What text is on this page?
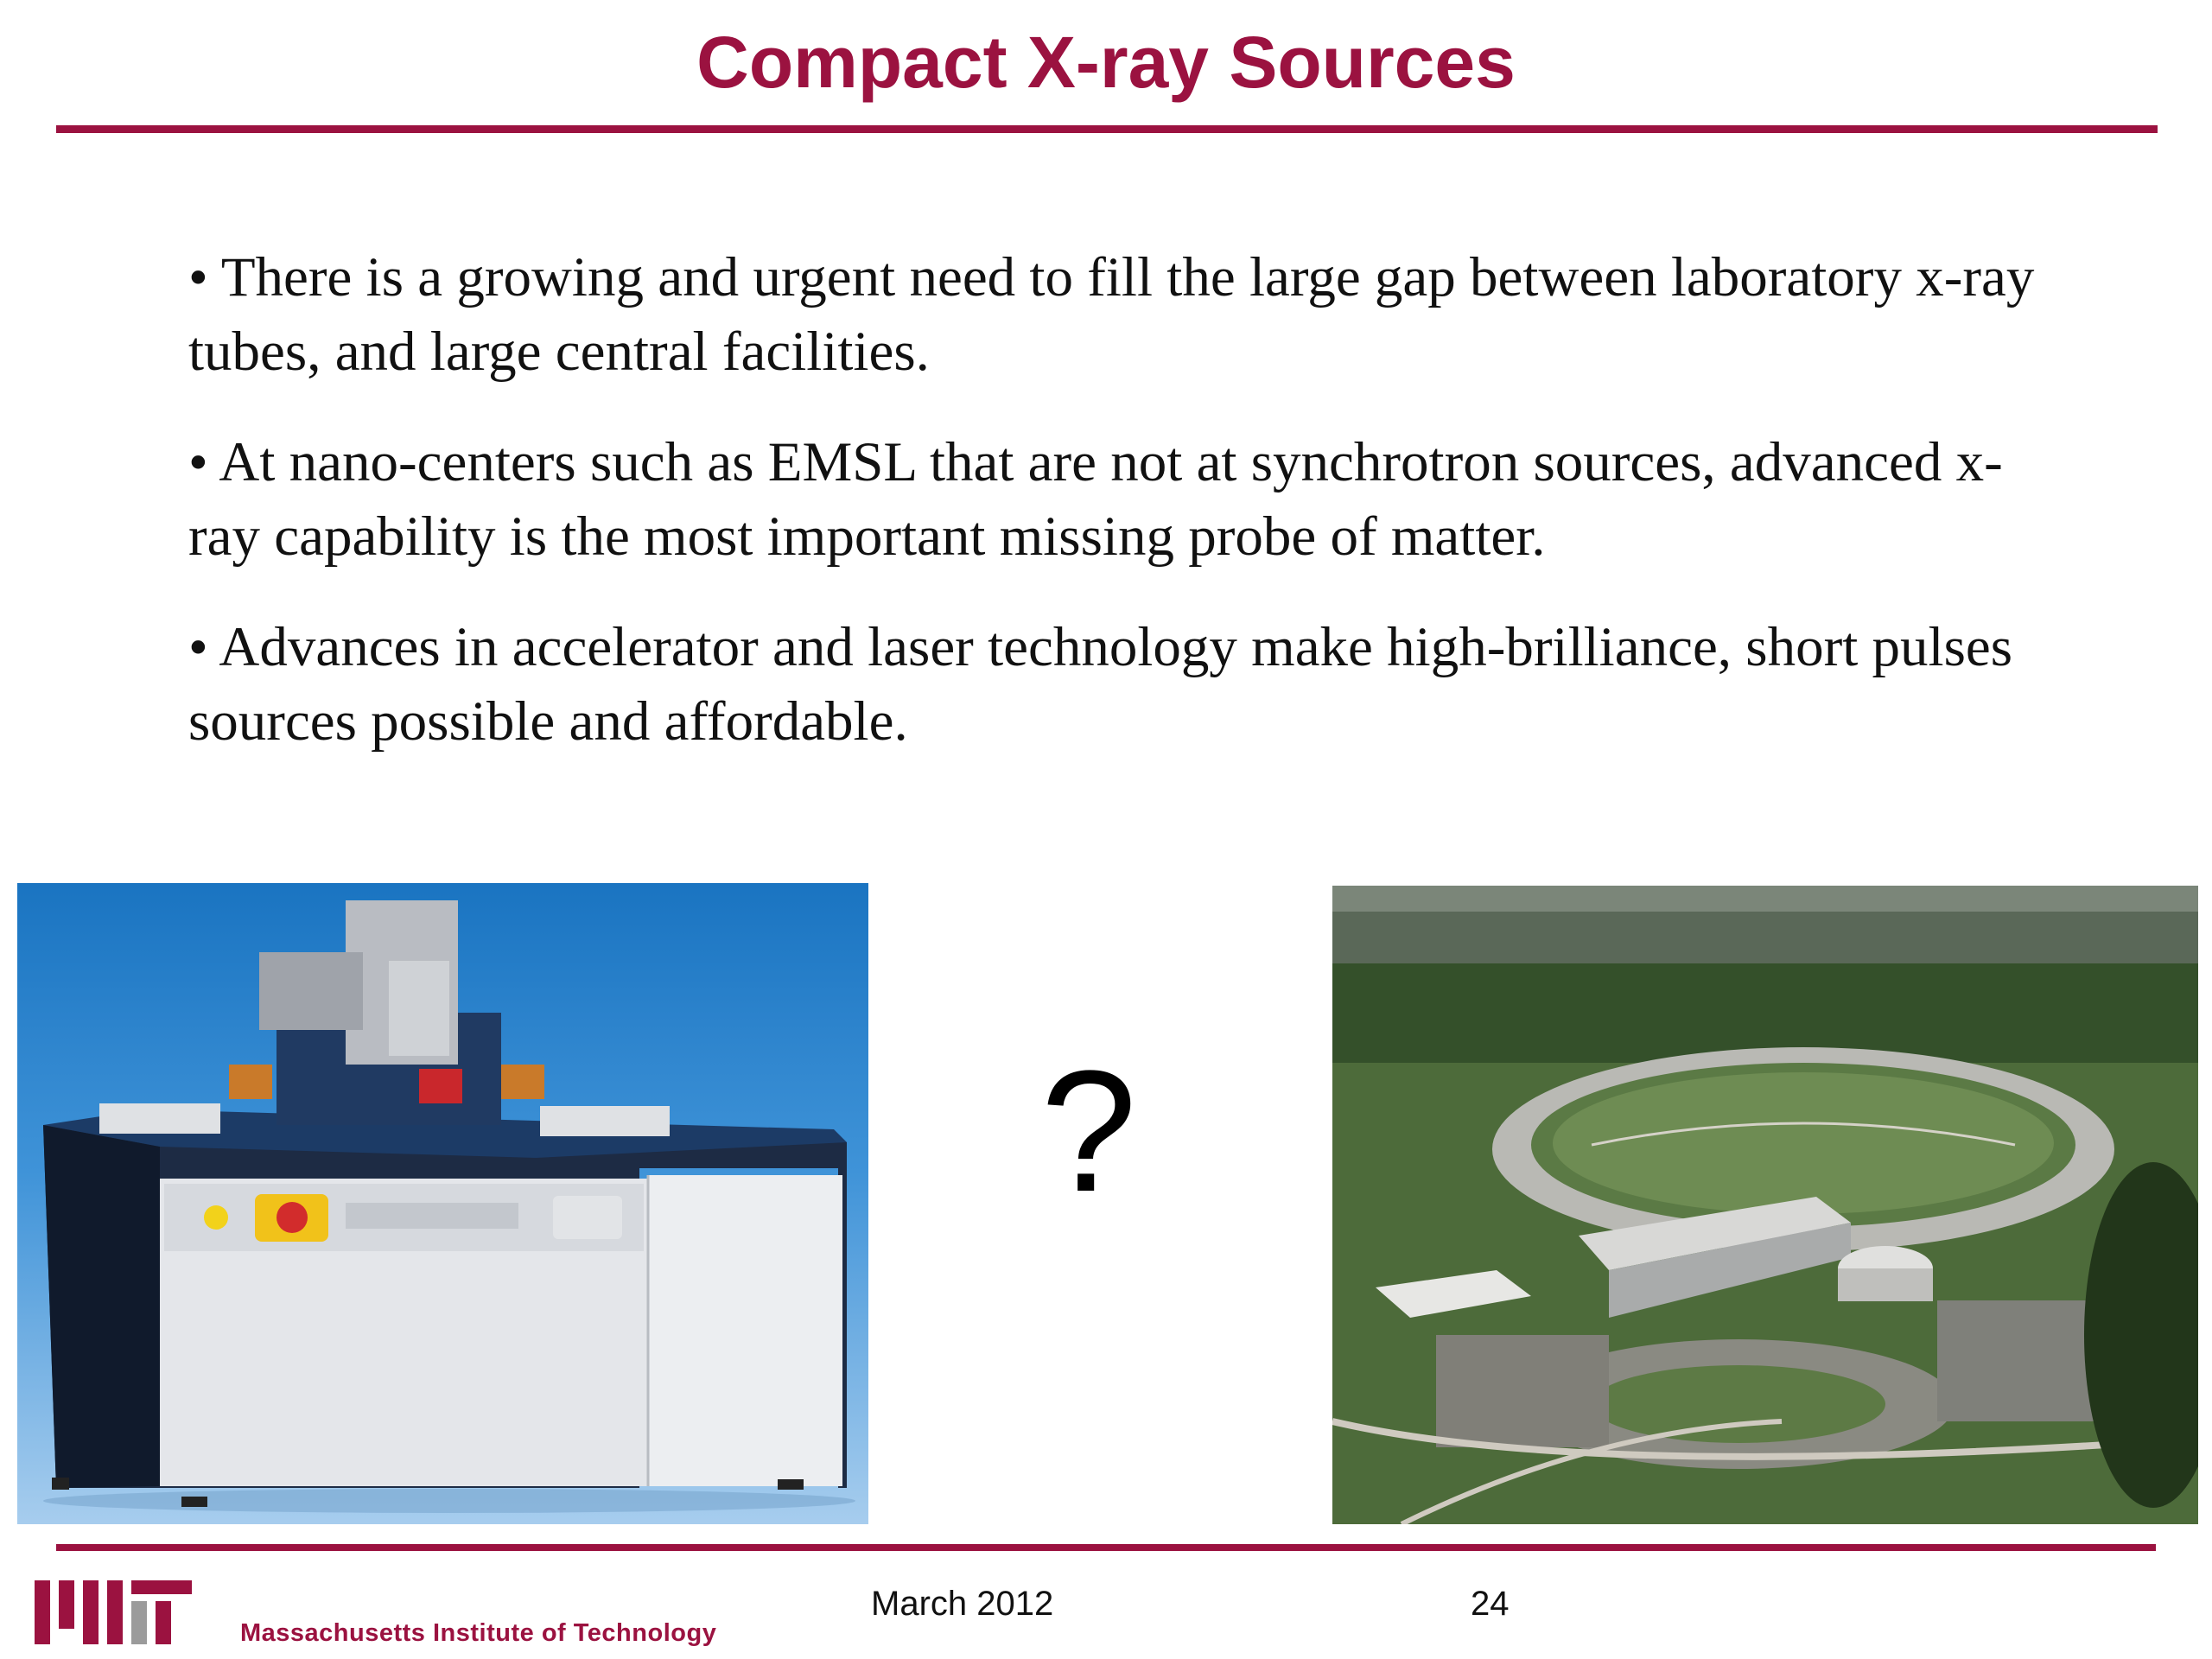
Compact X-ray Sources

• There is a growing and urgent need to fill the large gap between laboratory x-ray tubes, and large central facilities.

• At nano-centers such as EMSL that are not at synchrotron sources, advanced x-ray capability is the most important missing probe of matter.

• Advances in accelerator and laser technology make high-brilliance, short pulses sources possible and affordable.

?
Massachusetts Institute of Technology
March 2012	24
